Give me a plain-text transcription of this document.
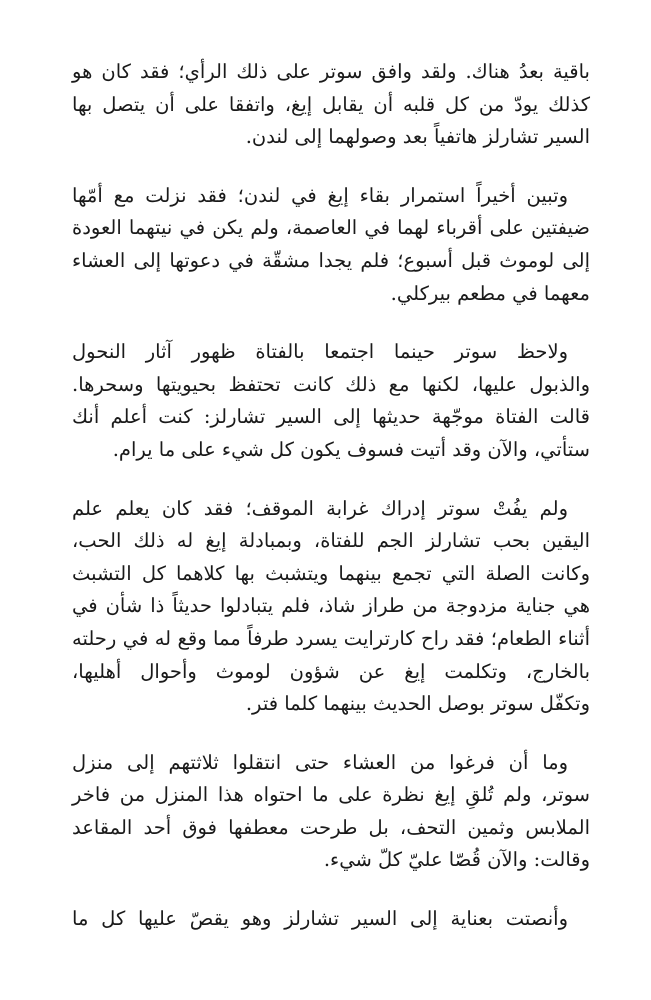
باقية بعدُ هناك. ولقد وافق سوتر على ذلك الرأي؛ فقد كان هو
كذلك يودّ من كل قلبه أن يقابل إيغ، واتفقا على أن يتصل بها
السير تشارلز هاتفياً بعد وصولهما إلى لندن.

وتبين أخيراً استمرار بقاء إيغ في لندن؛ فقد نزلت مع أمّها
ضيفتين على أقرباء لهما في العاصمة، ولم يكن في نيتهما العودة
إلى لوموث قبل أسبوع؛ فلم يجدا مشقّة في دعوتها إلى العشاء
معهما في مطعم بيركلي.

ولاحظ سوتر حينما اجتمعا بالفتاة ظهور آثار النحول
والذبول عليها، لكنها مع ذلك كانت تحتفظ بحيويتها وسحرها.
قالت الفتاة موجّهة حديثها إلى السير تشارلز: كنت أعلم أنك
ستأتي، والآن وقد أتيت فسوف يكون كل شيء على ما يرام.

ولم يفُتْ سوتر إدراك غرابة الموقف؛ فقد كان يعلم علم
اليقين بحب تشارلز الجم للفتاة، وبمبادلة إيغ له ذلك الحب،
وكانت الصلة التي تجمع بينهما ويتشبث بها كلاهما كل التشبث
هي جناية مزدوجة من طراز شاذ، فلم يتبادلوا حديثاً ذا شأن في
أثناء الطعام؛ فقد راح كارترايت يسرد طرفاً مما وقع له في رحلته
بالخارج، وتكلمت إيغ عن شؤون لوموث وأحوال أهليها،
وتكفّل سوتر بوصل الحديث بينهما كلما فتر.

وما أن فرغوا من العشاء حتى انتقلوا ثلاثتهم إلى منزل
سوتر، ولم تُلقِ إيغ نظرة على ما احتواه هذا المنزل من فاخر
الملابس وثمين التحف، بل طرحت معطفها فوق أحد المقاعد
وقالت: والآن قُصّا عليّ كلّ شيء.

وأنصتت بعناية إلى السير تشارلز وهو يقصّ عليها كل ما
